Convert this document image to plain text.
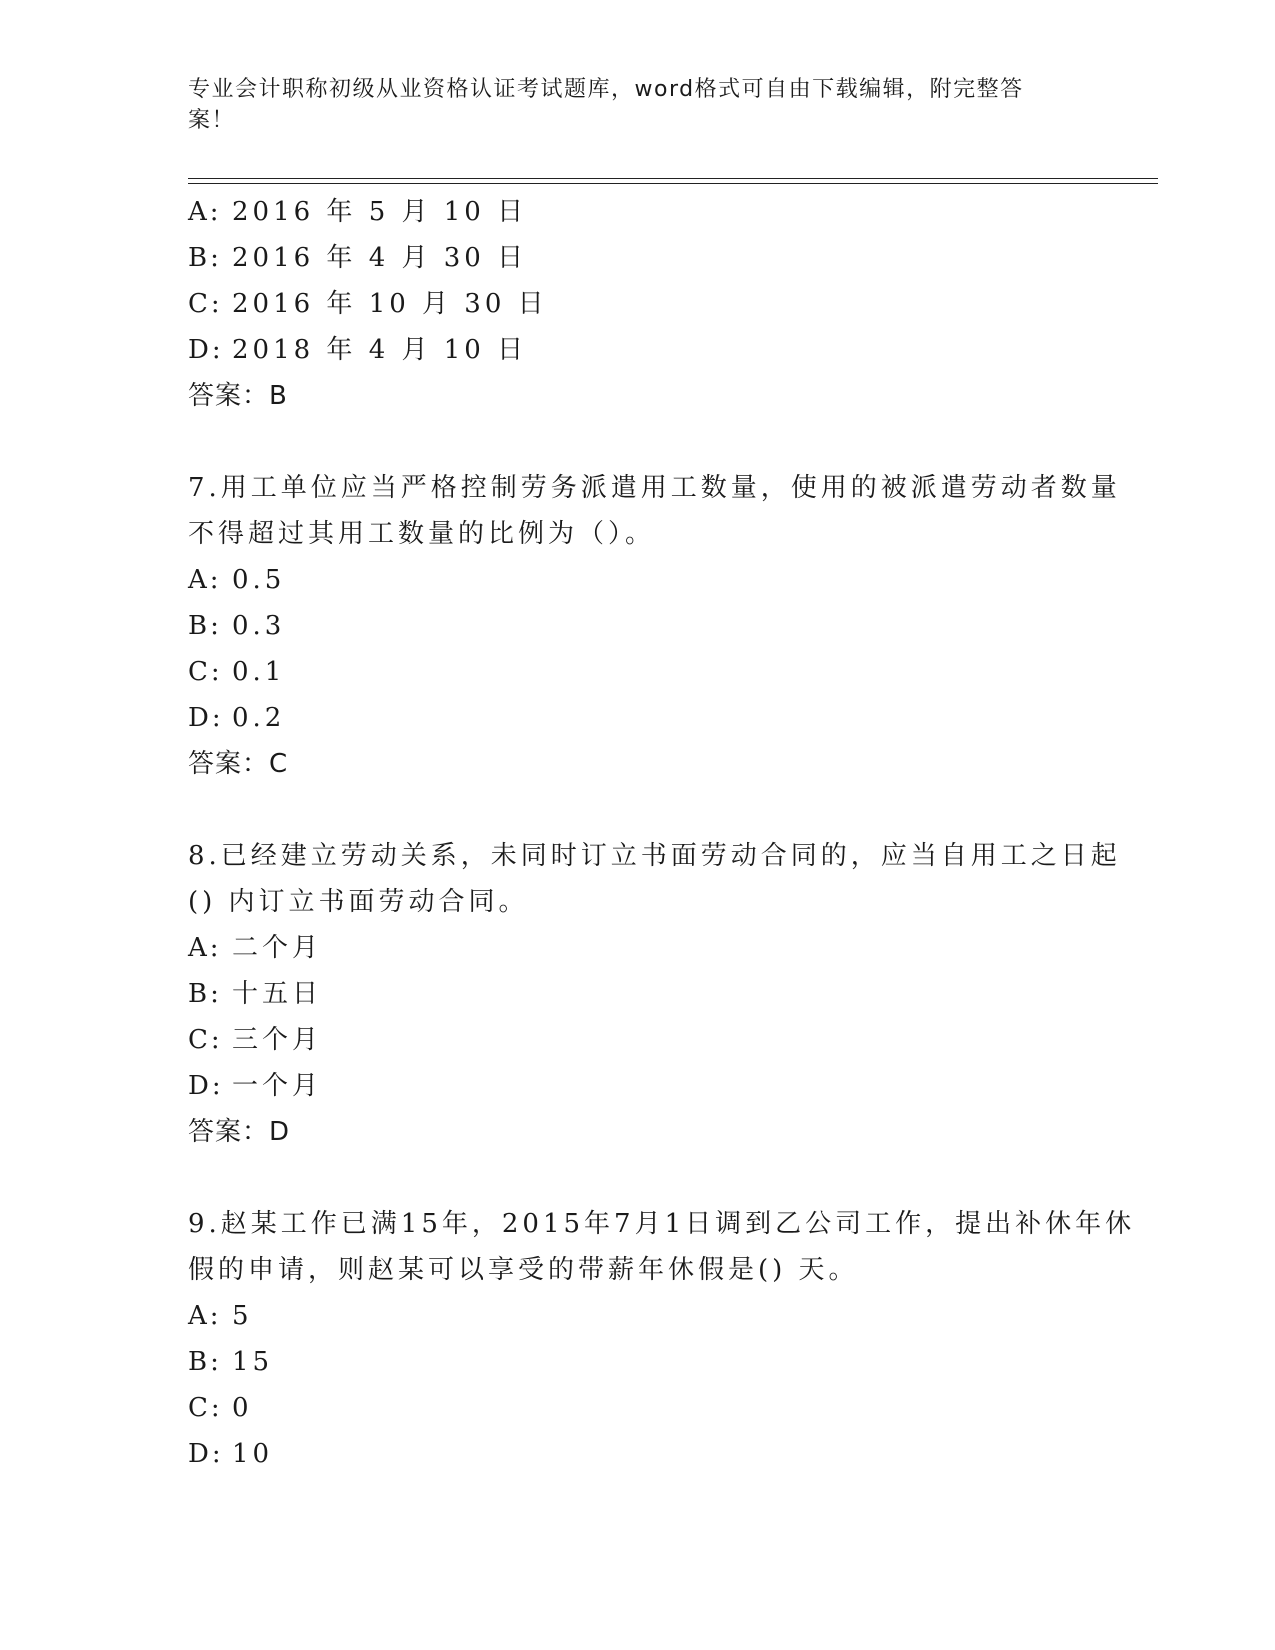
专业会计职称初级从业资格认证考试题库，word格式可自由下载编辑，附完整答案！
A: 2016 年 5 月 10 日
B: 2016 年 4 月 30 日
C: 2016 年 10 月 30 日
D: 2018 年 4 月 10 日
答案：B
7.用工单位应当严格控制劳务派遣用工数量，使用的被派遣劳动者数量不得超过其用工数量的比例为（）。
A: 0.5
B: 0.3
C: 0.1
D: 0.2
答案：C
8.已经建立劳动关系，未同时订立书面劳动合同的，应当自用工之日起() 内订立书面劳动合同。
A: 二个月
B: 十五日
C: 三个月
D: 一个月
答案：D
9.赵某工作已满15年，2015年7月1日调到乙公司工作，提出补休年休假的申请，则赵某可以享受的带薪年休假是() 天。
A: 5
B: 15
C: 0
D: 10
